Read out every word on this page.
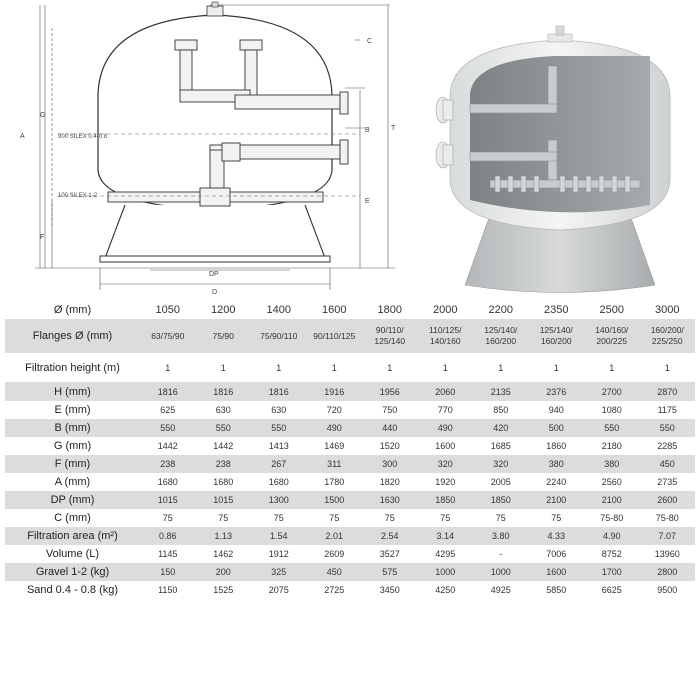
A
G
F
C
B
E
T
DP
D
900 SILEX 0.4-0.8
100 SILEX 1-2
Ø (mm)	1050	1200	1400	1600	1800	2000	2200	2350	2500	3000
Flanges Ø (mm)	63/75/90	75/90	75/90/110	90/110/125	90/110/ 125/140	110/125/ 140/160	125/140/ 160/200	125/140/ 160/200	140/160/ 200/225	160/200/ 225/250
Filtration height (m)	1	1	1	1	1	1	1	1	1	1
H (mm)	1816	1816	1816	1916	1956	2060	2135	2376	2700	2870
E (mm)	625	630	630	720	750	770	850	940	1080	1175
B (mm)	550	550	550	490	440	490	420	500	550	550
G (mm)	1442	1442	1413	1469	1520	1600	1685	1860	2180	2285
F (mm)	238	238	267	311	300	320	320	380	380	450
A (mm)	1680	1680	1680	1780	1820	1920	2005	2240	2560	2735
DP (mm)	1015	1015	1300	1500	1630	1850	1850	2100	2100	2600
C (mm)	75	75	75	75	75	75	75	75	75-80	75-80
Filtration area (m²)	0.86	1.13	1.54	2.01	2.54	3.14	3.80	4.33	4.90	7.07
Volume (L)	1145	1462	1912	2609	3527	4295	-	7006	8752	13960
Gravel 1-2 (kg)	150	200	325	450	575	1000	1000	1600	1700	2800
Sand 0.4 - 0.8 (kg)	1150	1525	2075	2725	3450	4250	4925	5850	6625	9500
